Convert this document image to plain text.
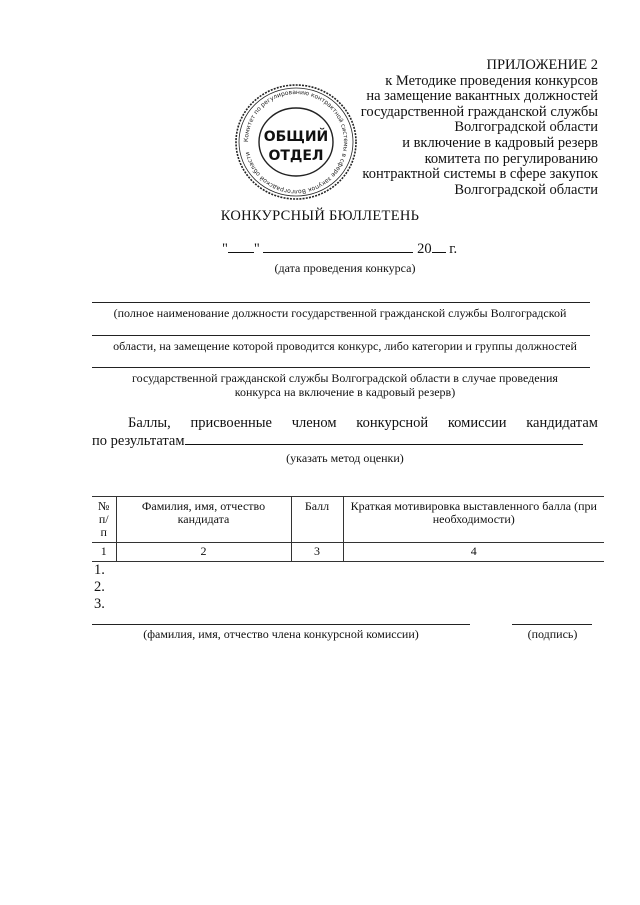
ПРИЛОЖЕНИЕ 2
к Методике проведения конкурсов
на замещение вакантных должностей
государственной гражданской службы
Волгоградской области
и включение в кадровый резерв
комитета по регулированию
контрактной системы в сфере закупок
Волгоградской области
Комитет по регулированию контрактной системы в сфере закупок Волгоградской области
ОБЩИЙ
ОТДЕЛ
КОНКУРСНЫЙ БЮЛЛЕТЕНЬ
" "	20 г.
(дата проведения конкурса)
(полное наименование должности государственной гражданской службы Волгоградской
области, на замещение которой проводится конкурс, либо категории и группы должностей
государственной гражданской службы Волгоградской области в случае проведения
конкурса на включение в кадровый резерв)
Баллы, присвоенные членом конкурсной комиссии кандидатам
по результатам
(указать метод оценки)
№ п/п	Фамилия, имя, отчество кандидата	Балл	Краткая мотивировка выставленного балла (при необходимости)
1	2	3	4
1.
2.
3.
(фамилия, имя, отчество члена конкурсной комиссии)	(подпись)
